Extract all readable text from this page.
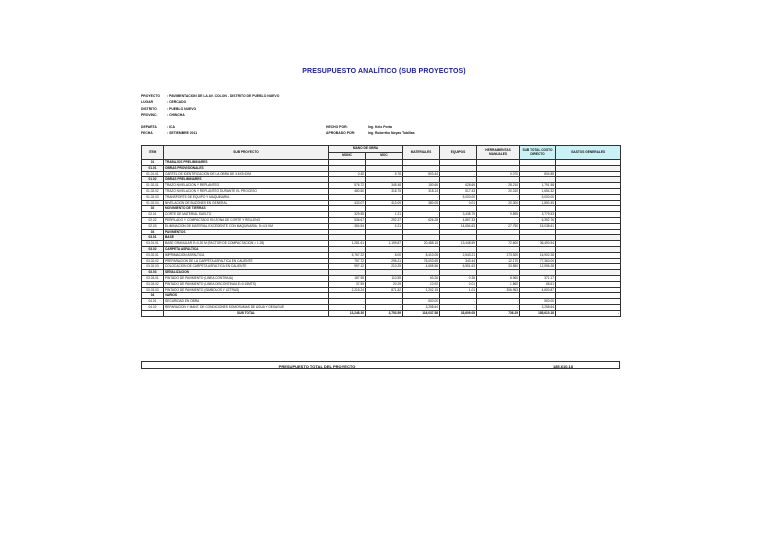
PRESUPUESTO ANALÍTICO (SUB PROYECTOS)
PROYECTO	: PAVIMENTACION DE LA AV. COLON - DISTRITO DE PUEBLO NUEVO
LUGAR	: CERCADO
DISTRITO	: PUEBLO NUEVO
PROVINC.	: CHINCHA
DEPARTA	: ICA
FECHA	: SETIEMBRE 2011
HECHO POR:	Ing. Kelo Porta
APROBADO POR:	Ing. Robertho Noyas Tubillas
ITEM	SUB PROYECTO	MANO DE OBRA		MATERIALES	EQUIPOS	HERRAMIENTAS MANUALES	SUB TOTAL COSTO DIRECTO	GASTOS GENERALES
		MONC	MOC					
01	TRABAJOS PRELIMINARES							
01.01	OBRAS PROVISIONALES							
01.01.01	CARTEL DE IDENTIFICACION DE LA OBRA DE 3.6X9.4XM	0.40	5.76	803.44	-	0.070	804.85	
01.02	OBRAS PRELIMINARES							
01.02.01	TRAZO NIVELACION Y REPLANTEO	576.72	345.48	150.66	628.66	28.210	1,791.58	
01.02.02	TRAZO NIVELACION Y REPLANTEO DURANTE EL PROCESO	480.60	318.75	318.14	517.43	20.310	1,654.32	
01.02.03	TRANSPORTE DE EQUIPO Y MAQUINARIA	-	-	-	5,000.00	-	5,000.00	
01.02.04	NIVELACION DE BUZONES EN GENERAL	433.07	413.09	380.05	0.01	20.300	1,850.45	
02	MOVIMIENTO DE TIERRAS							
02.01	CORTE DE MATERIAL SUELTO	329.55	1.21	-	3,438.75	9.895	3,779.53	
02.02	PERFILADO Y COMPACTADO EN ZONA DE CORTE Y RELLENO	536.67	292.37	626.28	4,867.33	-	6,352.76	
02.03	ELIMINACION DE MATERIAL EXCEDENTE CON MAQUINARIA, D=4.5 KM	354.54	4.21	-	14,654.63	27.750	15,038.61	
03	PAVIMENTOS							
03.01	BASE							
03.01.01	BASE GRANULAR E=0.20 M (FACTOR DE COMPACTACION = 1.25)	1,281.61	1,199.87	20,488.15	13,448.59	72.600	36,490.54	
03.02	CARPETA ASFALTICA							
03.02.01	IMPRIMACION ASFALTICA	5,767.22	8.00	8,410.05	2,543.21	173.920	16,902.28	
03.02.02	PREPARACION DE LA CARPETA ASFALTICA EN CALIENTE	757.72	295.21	76,003.65	343.44	12.170	77,363.00	
03.02.03	COLOCACION DE CARPETA ASFALTICA EN CALIENTE	997.12	210.29	4,655.56	6,551.63	33.850	12,596.28	
03.03	SEÑALIZACION							
03.03.01	PINTADO DE PAVIMENTO (LINEA CONTINUA)	187.95	110.55	63.26	0.35	8.960	371.17	
03.03.02	PINTADO DE PAVIMENTO (LINEA DISCONTINUA E=0.15MTS)	37.59	20.29	10.92	0.01	1.860	68.61	
03.03.03	PINTADO DE PAVIMENTO (SIMBOLOS Y LETRAS)	2,215.24	871.52	1,202.15	1.01	306.953	4,600.87	
04	VARIOS							
04.01	SEGURIDAD EN OBRA	-	-	500.00	-	-	500.00	
04.02	REPARACION Y MANT. DE CONDICIONES SOMOSUMAS DE AGUA Y DESAGUE	-	-	3,258.64	-	-	3,258.64	
	SUB TOTAL	13,246.30	3,753.59	116,037.58	33,609.05	736.29	185,610.18	-
PRESUPUESTO TOTAL DEL PROYECTO	185,610.18
